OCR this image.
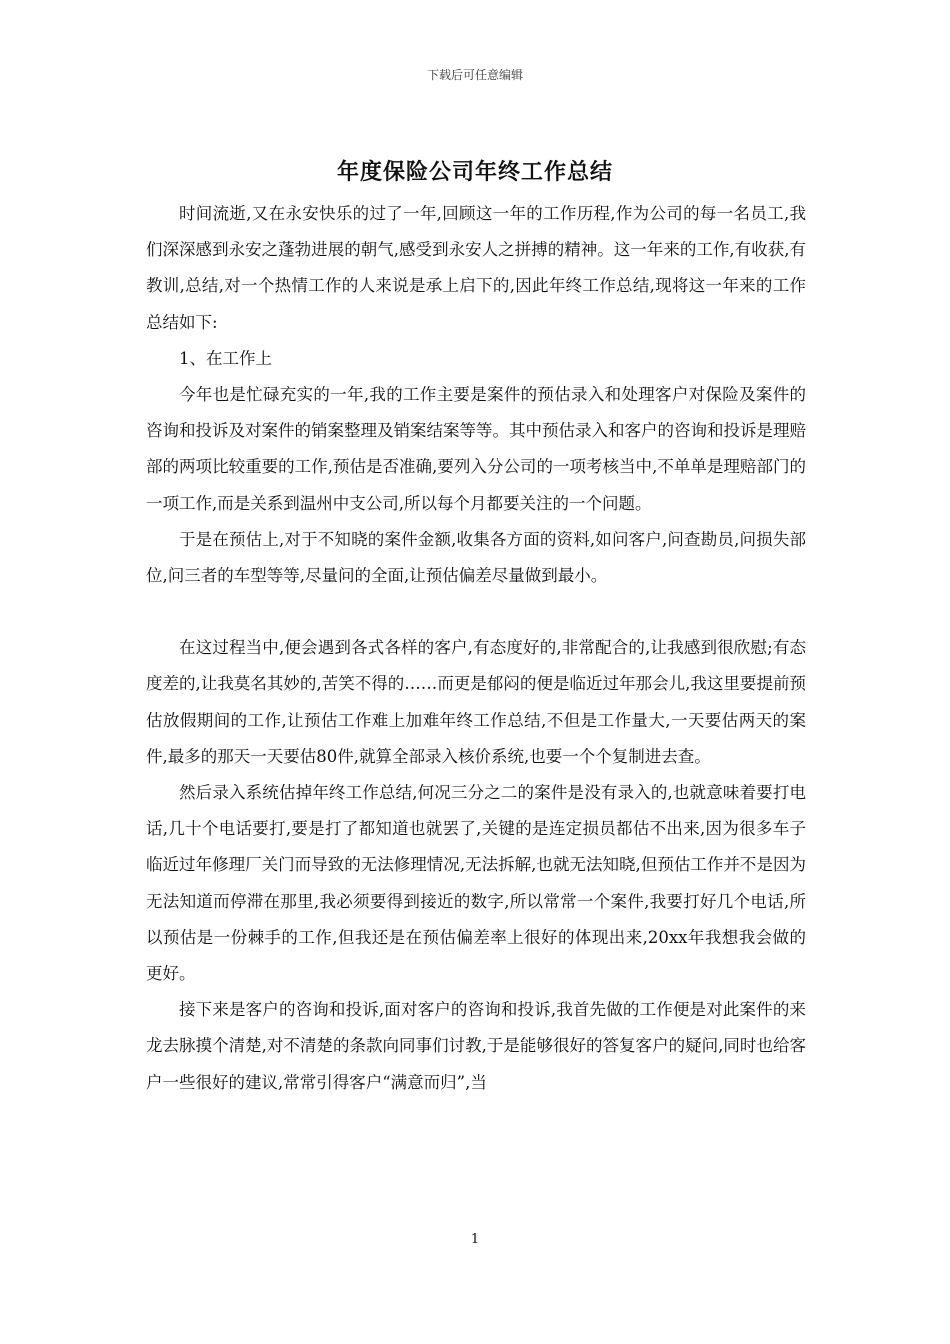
下载后可任意编辑
年度保险公司年终工作总结

时间流逝,又在永安快乐的过了一年,回顾这一年的工作历程,作为公司的每一名员工,我们深深感到永安之蓬勃进展的朝气,感受到永安人之拼搏的精神。这一年来的工作,有收获,有教训,总结,对一个热情工作的人来说是承上启下的,因此年终工作总结,现将这一年来的工作总结如下:

1、在工作上

今年也是忙碌充实的一年,我的工作主要是案件的预估录入和处理客户对保险及案件的咨询和投诉及对案件的销案整理及销案结案等等。其中预估录入和客户的咨询和投诉是理赔部的两项比较重要的工作,预估是否准确,要列入分公司的一项考核当中,不单单是理赔部门的一项工作,而是关系到温州中支公司,所以每个月都要关注的一个问题。

于是在预估上,对于不知晓的案件金额,收集各方面的资料,如问客户,问查勘员,问损失部位,问三者的车型等等,尽量问的全面,让预估偏差尽量做到最小。

在这过程当中,便会遇到各式各样的客户,有态度好的,非常配合的,让我感到很欣慰;有态度差的,让我莫名其妙的,苦笑不得的……而更是郁闷的便是临近过年那会儿,我这里要提前预估放假期间的工作,让预估工作难上加难年终工作总结,不但是工作量大,一天要估两天的案件,最多的那天一天要估80件,就算全部录入核价系统,也要一个个复制进去查。

然后录入系统估掉年终工作总结,何况三分之二的案件是没有录入的,也就意味着要打电话,几十个电话要打,要是打了都知道也就罢了,关键的是连定损员都估不出来,因为很多车子临近过年修理厂关门而导致的无法修理情况,无法拆解,也就无法知晓,但预估工作并不是因为无法知道而停滞在那里,我必须要得到接近的数字,所以常常一个案件,我要打好几个电话,所以预估是一份棘手的工作,但我还是在预估偏差率上很好的体现出来,20xx年我想我会做的更好。

接下来是客户的咨询和投诉,面对客户的咨询和投诉,我首先做的工作便是对此案件的来龙去脉摸个清楚,对不清楚的条款向同事们讨教,于是能够很好的答复客户的疑问,同时也给客户一些很好的建议,常常引得客户“满意而归”,当

1
